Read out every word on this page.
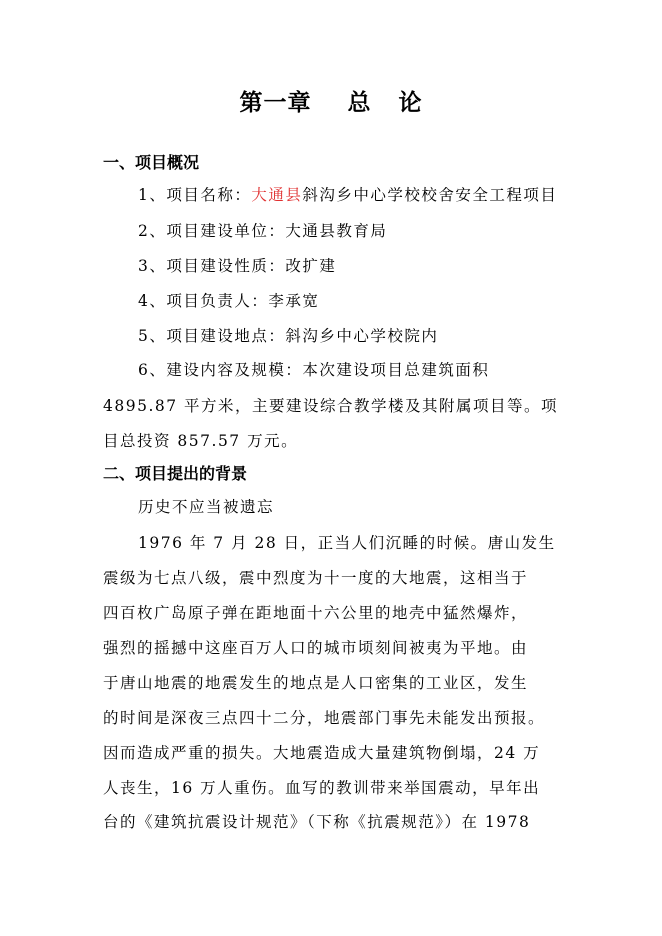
第一章    总   论
一、项目概况
1、项目名称：大通县斜沟乡中心学校校舍安全工程项目
2、项目建设单位：大通县教育局
3、项目建设性质：改扩建
4、项目负责人：李承宽
5、项目建设地点：斜沟乡中心学校院内
6、建设内容及规模：本次建设项目总建筑面积
4895.87 平方米，主要建设综合教学楼及其附属项目等。项
目总投资 857.57 万元。
二、项目提出的背景
历史不应当被遗忘
1976 年 7 月 28 日，正当人们沉睡的时候。唐山发生
震级为七点八级，震中烈度为十一度的大地震，这相当于
四百枚广岛原子弹在距地面十六公里的地壳中猛然爆炸，
强烈的摇撼中这座百万人口的城市顷刻间被夷为平地。由
于唐山地震的地震发生的地点是人口密集的工业区，发生
的时间是深夜三点四十二分，地震部门事先未能发出预报。
因而造成严重的损失。大地震造成大量建筑物倒塌，24 万
人丧生，16 万人重伤。血写的教训带来举国震动，早年出
台的《建筑抗震设计规范》（下称《抗震规范》）在 1978
